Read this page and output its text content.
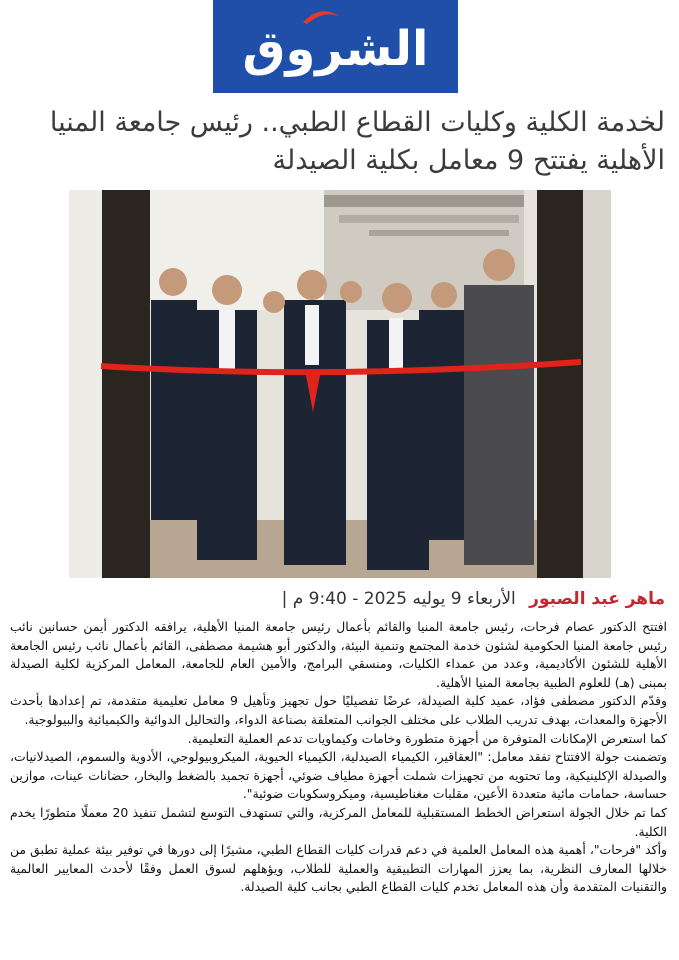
الشروق
لخدمة الكلية وكليات القطاع الطبي.. رئيس جامعة المنيا الأهلية يفتتح 9 معامل بكلية الصيدلة
ماهر عبد الصبور الأربعاء 9 يوليه 2025 - 9:40 م |

افتتح الدكتور عصام فرحات، رئيس جامعة المنيا والقائم بأعمال رئيس جامعة المنيا الأهلية، يرافقه الدكتور أيمن حسانين نائب رئيس جامعة المنيا الحكومية لشئون خدمة المجتمع وتنمية البيئة، والدكتور أبو هشيمة مصطفى، القائم بأعمال نائب رئيس الجامعة الأهلية للشئون الأكاديمية، وعدد من عمداء الكليات، ومنسقي البرامج، والأمين العام للجامعة، المعامل المركزية لكلية الصيدلة بمبنى (هـ) للعلوم الطبية بجامعة المنيا الأهلية.

وقدّم الدكتور مصطفى فؤاد، عميد كلية الصيدلة، عرضًا تفصيليًا حول تجهيز وتأهيل 9 معامل تعليمية متقدمة، تم إعدادها بأحدث الأجهزة والمعدات، بهدف تدريب الطلاب على مختلف الجوانب المتعلقة بصناعة الدواء، والتحاليل الدوائية والكيميائية والبيولوجية.

كما استعرض الإمكانات المتوفرة من أجهزة متطورة وخامات وكيماويات تدعم العملية التعليمية.

وتضمنت جولة الافتتاح تفقد معامل: "العقاقير، الكيمياء الصيدلية، الكيمياء الحيوية، الميكروبيولوجي، الأدوية والسموم، الصيدلانيات، والصيدلة الإكلينيكية، وما تحتويه من تجهيزات شملت أجهزة مطياف ضوئي، أجهزة تجميد بالضغط والبخار، حضانات عينات، موازين حساسة، حمامات مائية متعددة الأعين، مقلبات مغناطيسية، وميكروسكوبات ضوئية".

كما تم خلال الجولة استعراض الخطط المستقبلية للمعامل المركزية، والتي تستهدف التوسع لتشمل تنفيذ 20 معملًا متطورًا يخدم الكلية.

وأكد "فرحات"، أهمية هذه المعامل العلمية في دعم قدرات كليات القطاع الطبي، مشيرًا إلى دورها في توفير بيئة عملية تطبق من خلالها المعارف النظرية، بما يعزز المهارات التطبيقية والعملية للطلاب، ويؤهلهم لسوق العمل وفقًا لأحدث المعايير العالمية والتقنيات المتقدمة وأن هذه المعامل تخدم كليات القطاع الطبي بجانب كلية الصيدلة.
